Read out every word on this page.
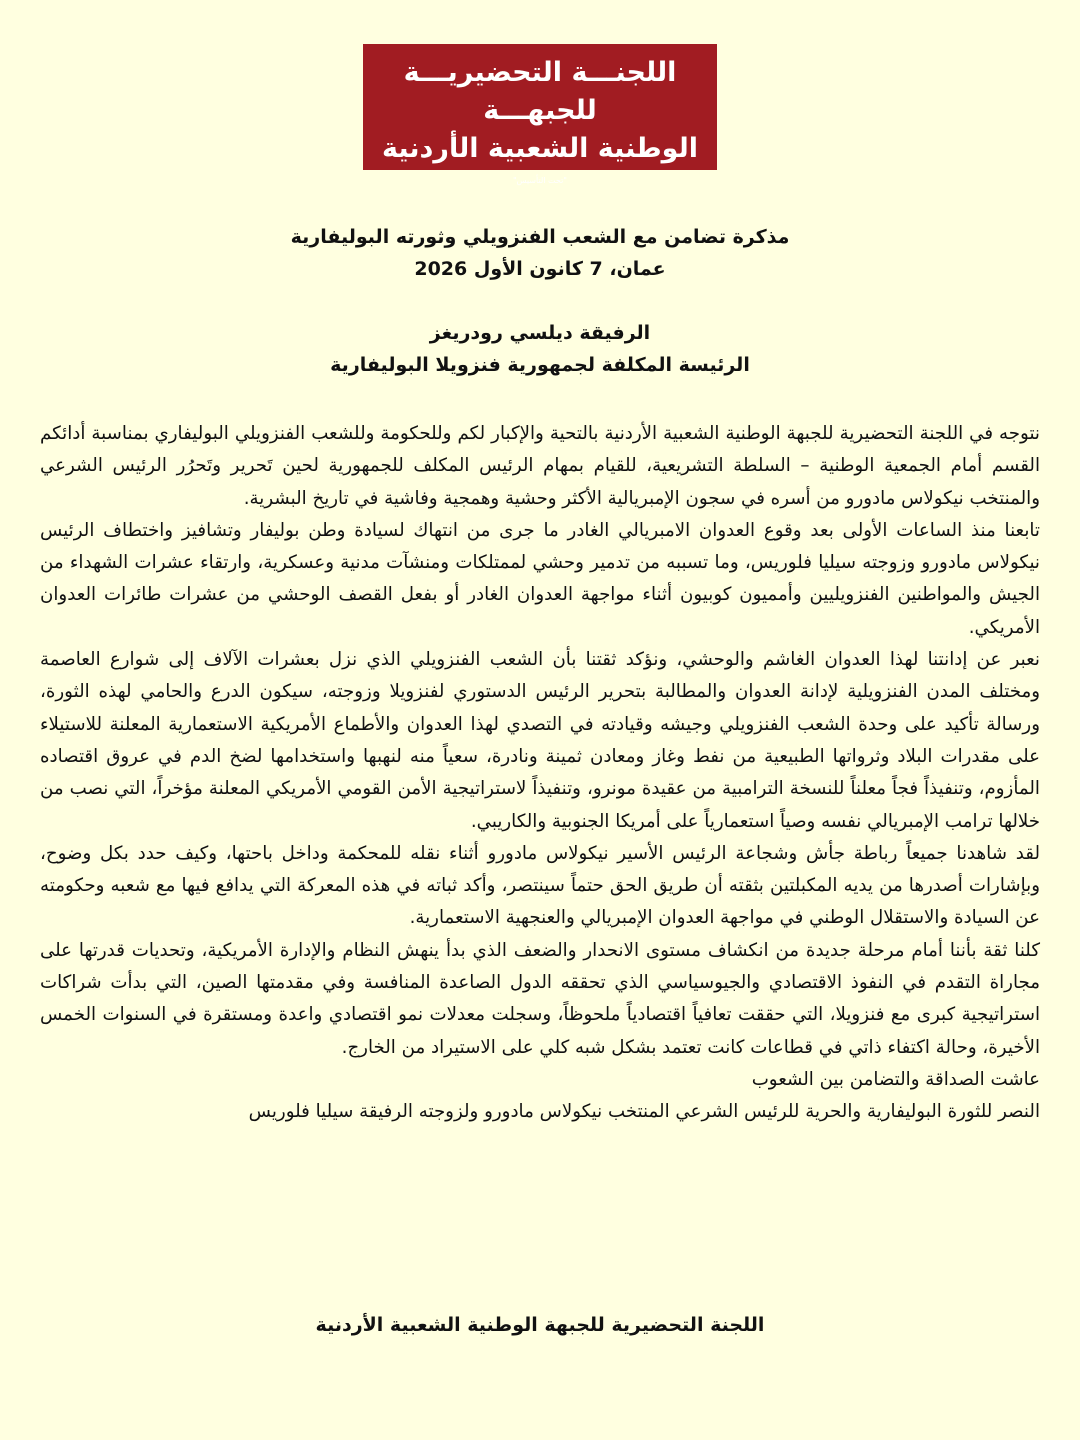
اللجنـــة التحضيريـــة للجبهـــة
الوطنية الشعبية الأردنية
"تحت التأسيس"
مذكرة تضامن مع الشعب الفنزويلي وثورته البوليفارية
عمان، 7 كانون الأول 2026
الرفيقة ديلسي رودريغز
الرئيسة المكلفة لجمهورية فنزويلا البوليفارية

نتوجه في اللجنة التحضيرية للجبهة الوطنية الشعبية الأردنية بالتحية والإكبار لكم وللحكومة وللشعب الفنزويلي البوليفاري بمناسبة أدائكم القسم أمام الجمعية الوطنية – السلطة التشريعية، للقيام بمهام الرئيس المكلف للجمهورية لحين تَحرير وتَحرُر الرئيس الشرعي والمنتخب نيكولاس مادورو من أسره في سجون الإمبريالية الأكثر وحشية وهمجية وفاشية في تاريخ البشرية.

تابعنا منذ الساعات الأولى بعد وقوع العدوان الامبريالي الغادر ما جرى من انتهاك لسيادة وطن بوليفار وتشافيز واختطاف الرئيس نيكولاس مادورو وزوجته سيليا فلوريس، وما تسببه من تدمير وحشي لممتلكات ومنشآت مدنية وعسكرية، وارتقاء عشرات الشهداء من الجيش والمواطنين الفنزويليين وأمميون كوبيون أثناء مواجهة العدوان الغادر أو بفعل القصف الوحشي من عشرات طائرات العدوان الأمريكي.

نعبر عن إدانتنا لهذا العدوان الغاشم والوحشي، ونؤكد ثقتنا بأن الشعب الفنزويلي الذي نزل بعشرات الآلاف إلى شوارع العاصمة ومختلف المدن الفنزويلية لإدانة العدوان والمطالبة بتحرير الرئيس الدستوري لفنزويلا وزوجته، سيكون الدرع والحامي لهذه الثورة، ورسالة تأكيد على وحدة الشعب الفنزويلي وجيشه وقيادته في التصدي لهذا العدوان والأطماع الأمريكية الاستعمارية المعلنة للاستيلاء على مقدرات البلاد وثرواتها الطبيعية من نفط وغاز ومعادن ثمينة ونادرة، سعياً منه لنهبها واستخدامها لضخ الدم في عروق اقتصاده المأزوم، وتنفيذاً فجاً معلناً للنسخة الترامبية من عقيدة مونرو، وتنفيذاً لاستراتيجية الأمن القومي الأمريكي المعلنة مؤخراً، التي نصب من خلالها ترامب الإمبريالي نفسه وصياً استعمارياً على أمريكا الجنوبية والكاريبي.

لقد شاهدنا جميعاً رباطة جأش وشجاعة الرئيس الأسير نيكولاس مادورو أثناء نقله للمحكمة وداخل باحتها، وكيف حدد بكل وضوح، وبإشارات أصدرها من يديه المكبلتين بثقته أن طريق الحق حتماً سينتصر، وأكد ثباته في هذه المعركة التي يدافع فيها مع شعبه وحكومته عن السيادة والاستقلال الوطني في مواجهة العدوان الإمبريالي والعنجهية الاستعمارية.

كلنا ثقة بأننا أمام مرحلة جديدة من انكشاف مستوى الانحدار والضعف الذي بدأ ينهش النظام والإدارة الأمريكية، وتحديات قدرتها على مجاراة التقدم في النفوذ الاقتصادي والجيوسياسي الذي تحققه الدول الصاعدة المنافسة وفي مقدمتها الصين، التي بدأت شراكات استراتيجية كبرى مع فنزويلا، التي حققت تعافياً اقتصادياً ملحوظاً، وسجلت معدلات نمو اقتصادي واعدة ومستقرة في السنوات الخمس الأخيرة، وحالة اكتفاء ذاتي في قطاعات كانت تعتمد بشكل شبه كلي على الاستيراد من الخارج.

عاشت الصداقة والتضامن بين الشعوب

النصر للثورة البوليفارية والحرية للرئيس الشرعي المنتخب نيكولاس مادورو ولزوجته الرفيقة سيليا فلوريس

اللجنة التحضيرية للجبهة الوطنية الشعبية الأردنية
